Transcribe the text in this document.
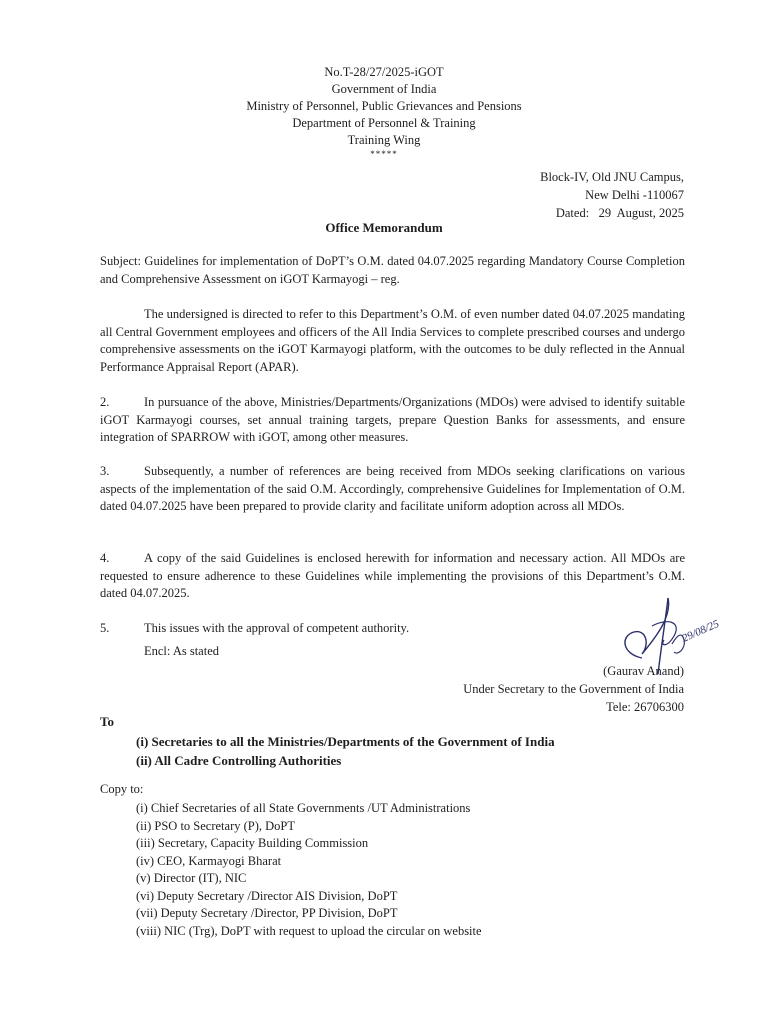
No.T-28/27/2025-iGOT
Government of India
Ministry of Personnel, Public Grievances and Pensions
Department of Personnel & Training
Training Wing
*****
Block-IV, Old JNU Campus,
New Delhi -110067
Dated: 29  August, 2025
Office Memorandum
Subject: Guidelines for implementation of DoPT’s O.M. dated 04.07.2025 regarding Mandatory Course Completion and Comprehensive Assessment on iGOT Karmayogi – reg.
The undersigned is directed to refer to this Department’s O.M. of even number dated 04.07.2025 mandating all Central Government employees and officers of the All India Services to complete prescribed courses and undergo comprehensive assessments on the iGOT Karmayogi platform, with the outcomes to be duly reflected in the Annual Performance Appraisal Report (APAR).
2.	In pursuance of the above, Ministries/Departments/Organizations (MDOs) were advised to identify suitable iGOT Karmayogi courses, set annual training targets, prepare Question Banks for assessments, and ensure integration of SPARROW with iGOT, among other measures.
3.	Subsequently, a number of references are being received from MDOs seeking clarifications on various aspects of the implementation of the said O.M. Accordingly, comprehensive Guidelines for Implementation of O.M. dated 04.07.2025 have been prepared to provide clarity and facilitate uniform adoption across all MDOs.
4.	A copy of the said Guidelines is enclosed herewith for information and necessary action. All MDOs are requested to ensure adherence to these Guidelines while implementing the provisions of this Department’s O.M. dated 04.07.2025.
5.	This issues with the approval of competent authority.
Encl: As stated
29/08/25
(Gaurav Anand)
Under Secretary to the Government of India
Tele: 26706300
To
(i) Secretaries to all the Ministries/Departments of the Government of India
(ii) All Cadre Controlling Authorities
Copy to:
(i) Chief Secretaries of all State Governments /UT Administrations
(ii) PSO to Secretary (P), DoPT
(iii) Secretary, Capacity Building Commission
(iv) CEO, Karmayogi Bharat
(v) Director (IT), NIC
(vi) Deputy Secretary /Director AIS Division, DoPT
(vii) Deputy Secretary /Director, PP Division, DoPT
(viii) NIC (Trg), DoPT with request to upload the circular on website
